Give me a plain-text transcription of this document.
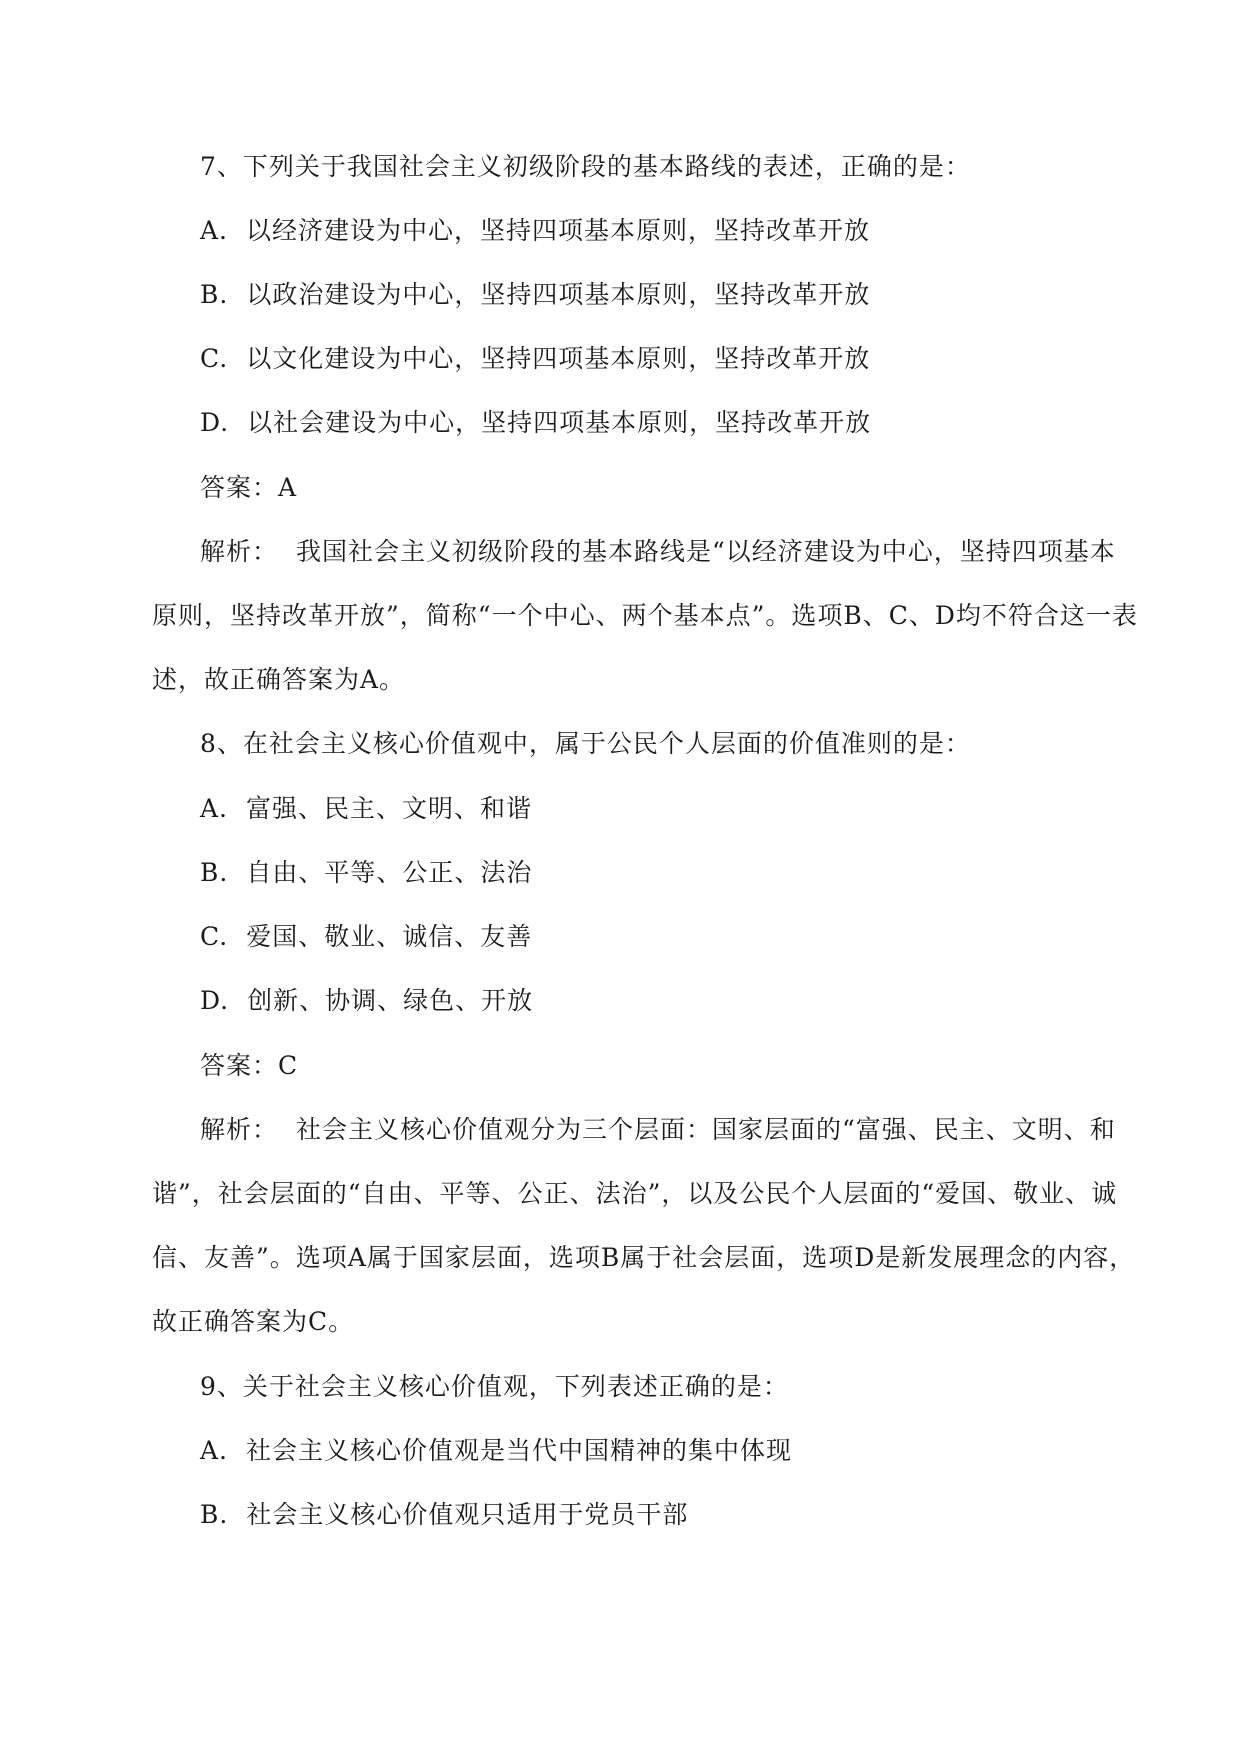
7、下列关于我国社会主义初级阶段的基本路线的表述，正确的是：
A. 以经济建设为中心，坚持四项基本原则，坚持改革开放
B. 以政治建设为中心，坚持四项基本原则，坚持改革开放
C. 以文化建设为中心，坚持四项基本原则，坚持改革开放
D. 以社会建设为中心，坚持四项基本原则，坚持改革开放
答案：A
解析： 我国社会主义初级阶段的基本路线是“以经济建设为中心，坚持四项基本
原则，坚持改革开放”，简称“一个中心、两个基本点”。选项B、C、D均不符合这一表
述，故正确答案为A。
8、在社会主义核心价值观中，属于公民个人层面的价值准则的是：
A. 富强、民主、文明、和谐
B. 自由、平等、公正、法治
C. 爱国、敬业、诚信、友善
D. 创新、协调、绿色、开放
答案：C
解析： 社会主义核心价值观分为三个层面：国家层面的“富强、民主、文明、和
谐”，社会层面的“自由、平等、公正、法治”，以及公民个人层面的“爱国、敬业、诚
信、友善”。选项A属于国家层面，选项B属于社会层面，选项D是新发展理念的内容，
故正确答案为C。
9、关于社会主义核心价值观，下列表述正确的是：
A. 社会主义核心价值观是当代中国精神的集中体现
B. 社会主义核心价值观只适用于党员干部
